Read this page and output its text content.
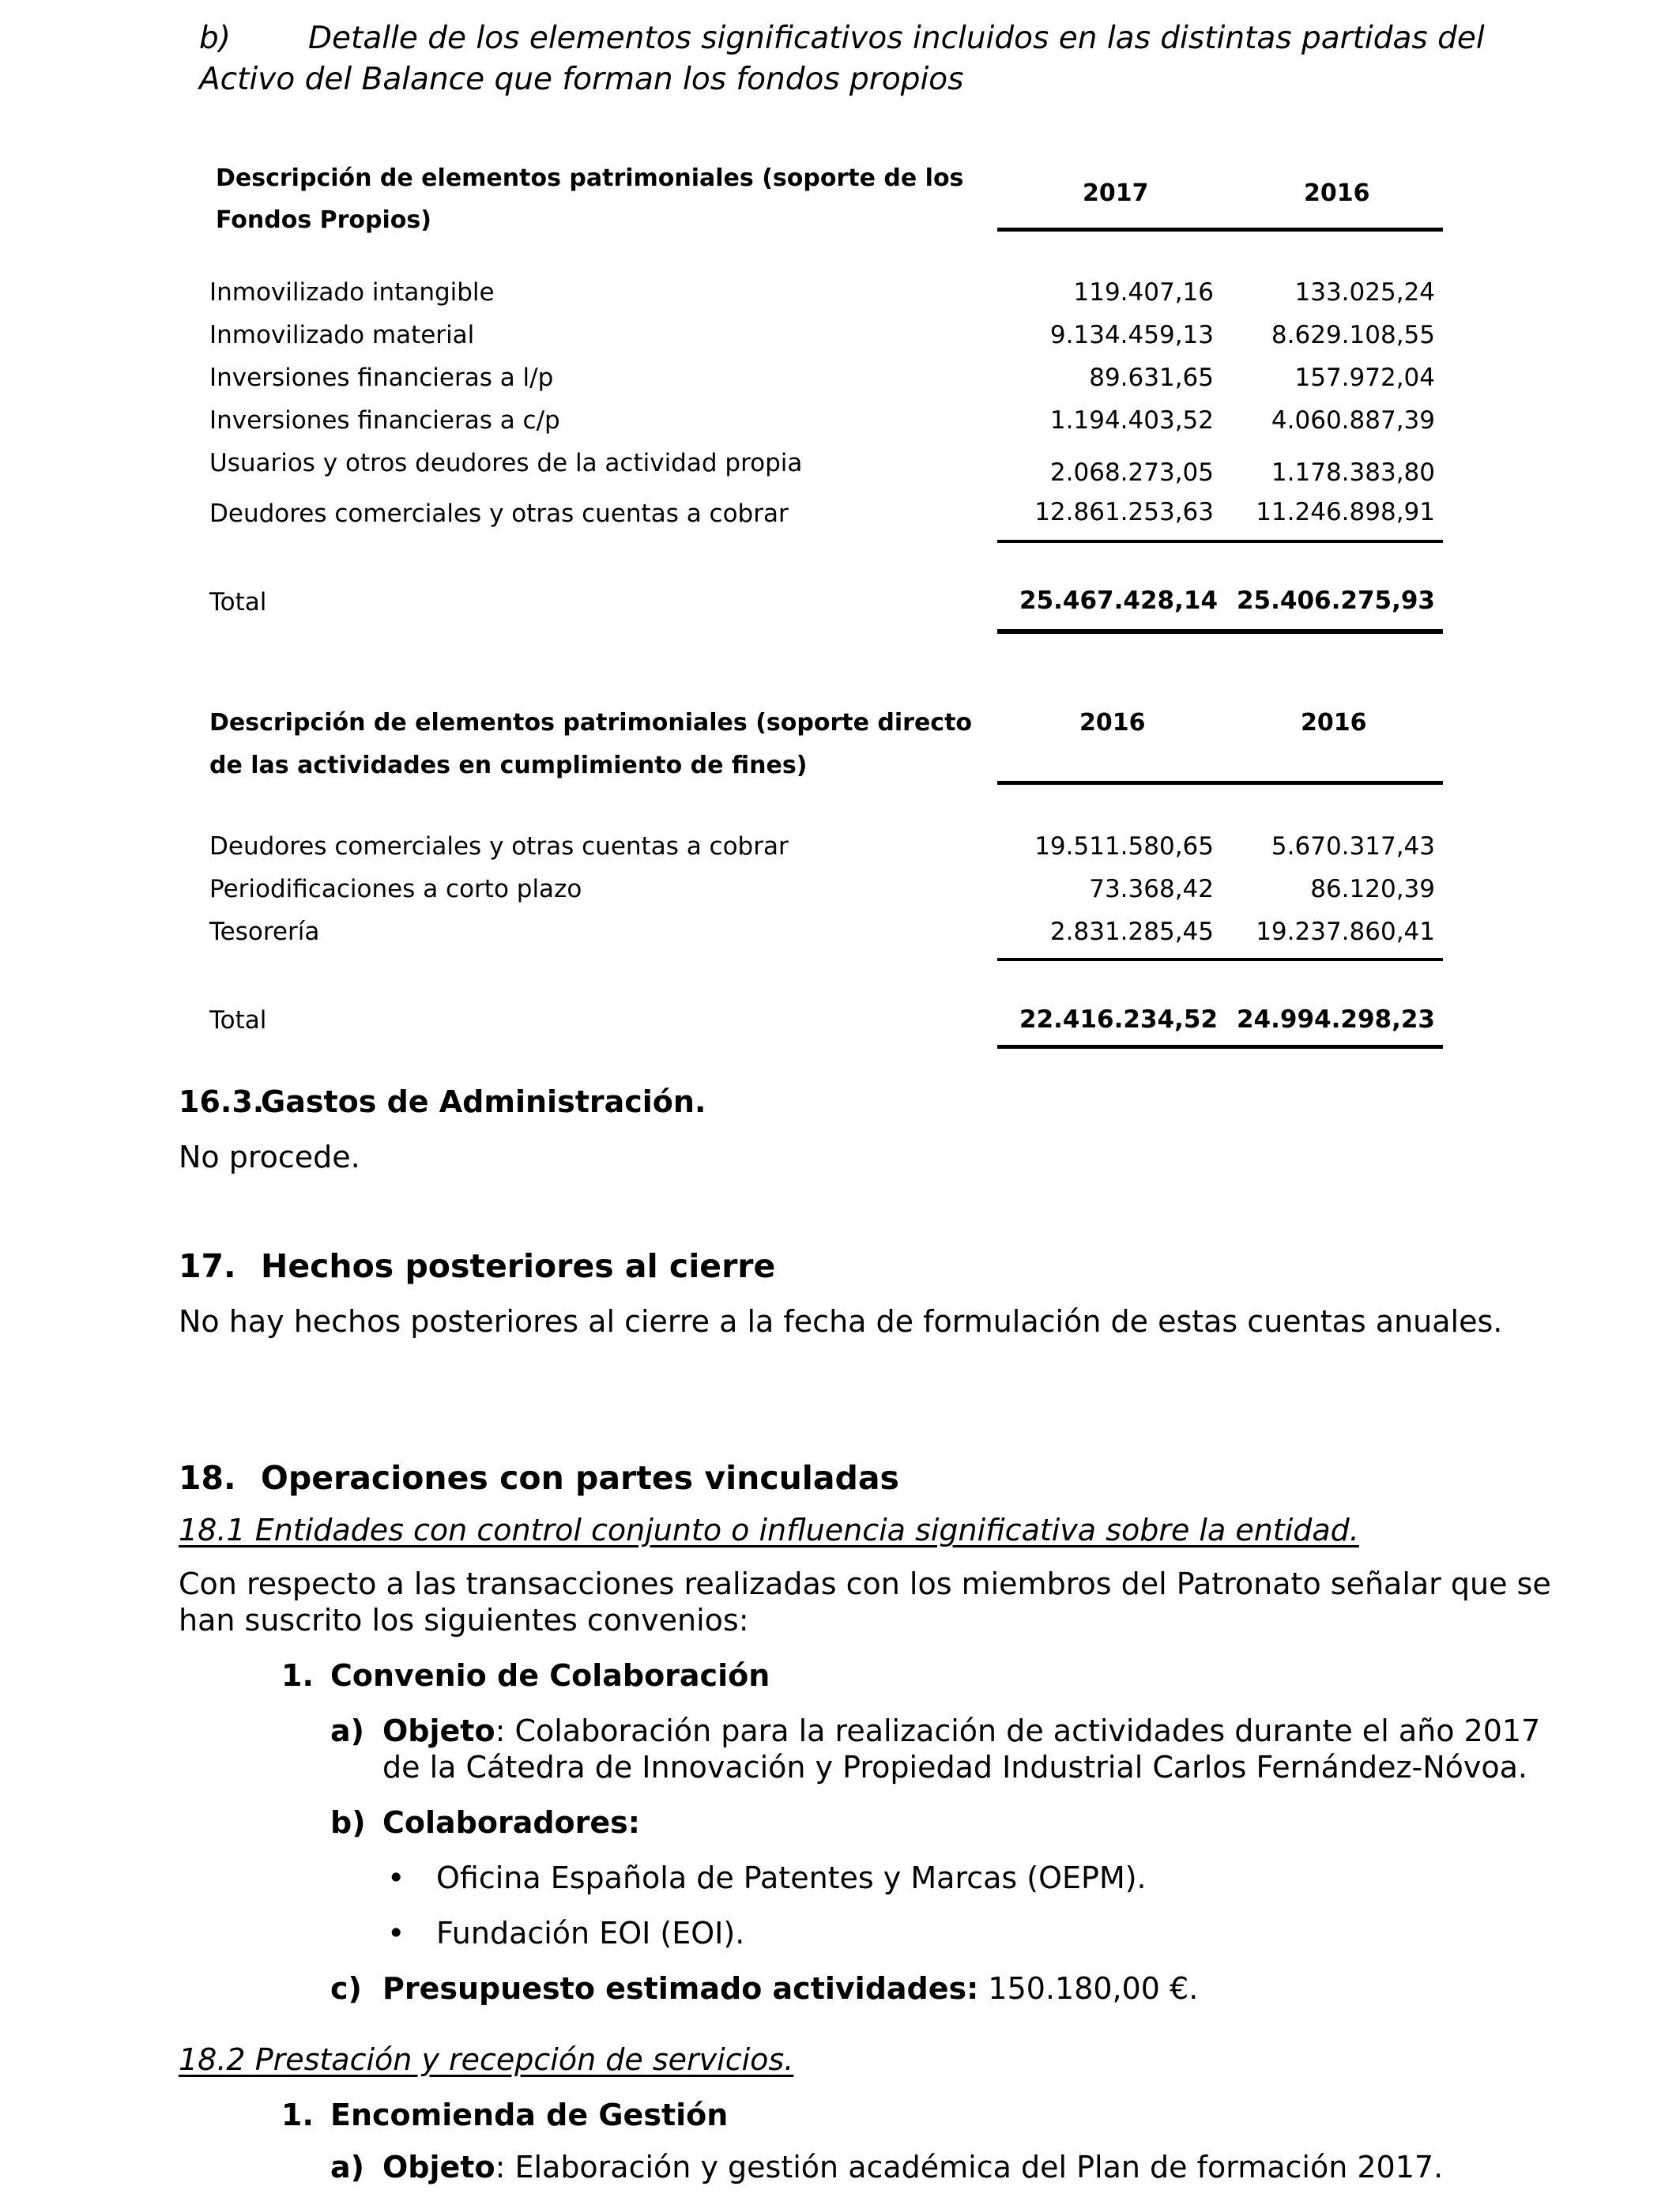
b)	Detalle de los elementos significativos incluidos en las distintas partidas del
Activo del Balance que forman los fondos propios
Descripción de elementos patrimoniales (soporte de los
Fondos Propios)
2017	2016
Inmovilizado intangible	119.407,16	133.025,24
Inmovilizado material	9.134.459,13	8.629.108,55
Inversiones financieras a l/p	89.631,65	157.972,04
Inversiones financieras a c/p	1.194.403,52	4.060.887,39
Usuarios y otros deudores de la actividad propia	2.068.273,05	1.178.383,80
Deudores comerciales y otras cuentas a cobrar	12.861.253,63	11.246.898,91
Total	25.467.428,14 25.406.275,93
Descripción de elementos patrimoniales (soporte directo
de las actividades en cumplimiento de fines)
2016	2016
Deudores comerciales y otras cuentas a cobrar	19.511.580,65	5.670.317,43
Periodificaciones a corto plazo	73.368,42	86.120,39
Tesorería	2.831.285,45	19.237.860,41
Total	22.416.234,52 24.994.298,23
16.3.
Gastos de Administración.
No procede.
17. Hechos posteriores al cierre
No hay hechos posteriores al cierre a la fecha de formulación de estas cuentas anuales.
18. Operaciones con partes vinculadas
18.1 Entidades con control conjunto o influencia significativa sobre la entidad.
Con respecto a las transacciones realizadas con los miembros del Patronato señalar que se
han suscrito los siguientes convenios:
1. Convenio de Colaboración
a) Objeto: Colaboración para la realización de actividades durante el año 2017
de la Cátedra de Innovación y Propiedad Industrial Carlos Fernández-Nóvoa.
b) Colaboradores:
• Oficina Española de Patentes y Marcas (OEPM).
• Fundación EOI (EOI).
c) Presupuesto estimado actividades: 150.180,00 €.
18.2 Prestación y recepción de servicios.
1. Encomienda de Gestión
a) Objeto: Elaboración y gestión académica del Plan de formación 2017.
